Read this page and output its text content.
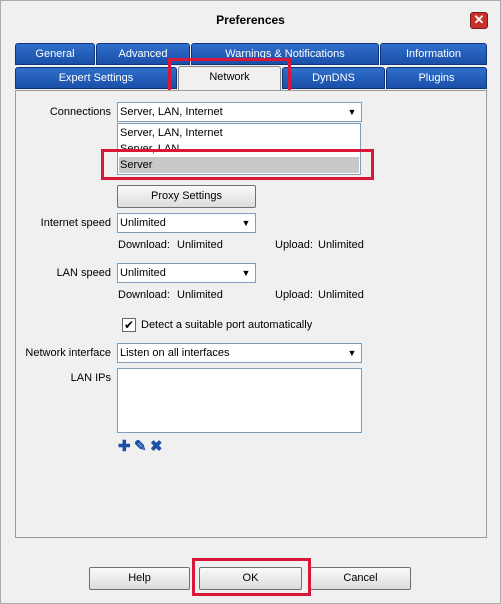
Preferences	✕
General	Advanced	Warnings & Notifications	Information
Expert Settings	Network	DynDNS	Plugins
Connections Server, LAN, Internet	▼
Server, LAN, Internet
Server, LAN
Server
Proxy Settings
Internet speed Unlimited	▼
Download: Unlimited	Upload: Unlimited
LAN speed Unlimited	▼
Download: Unlimited	Upload: Unlimited
✔ Detect a suitable port automatically
Network interface Listen on all interfaces	▼
LAN IPs
✚ ✎ ✖
Help	OK	Cancel
